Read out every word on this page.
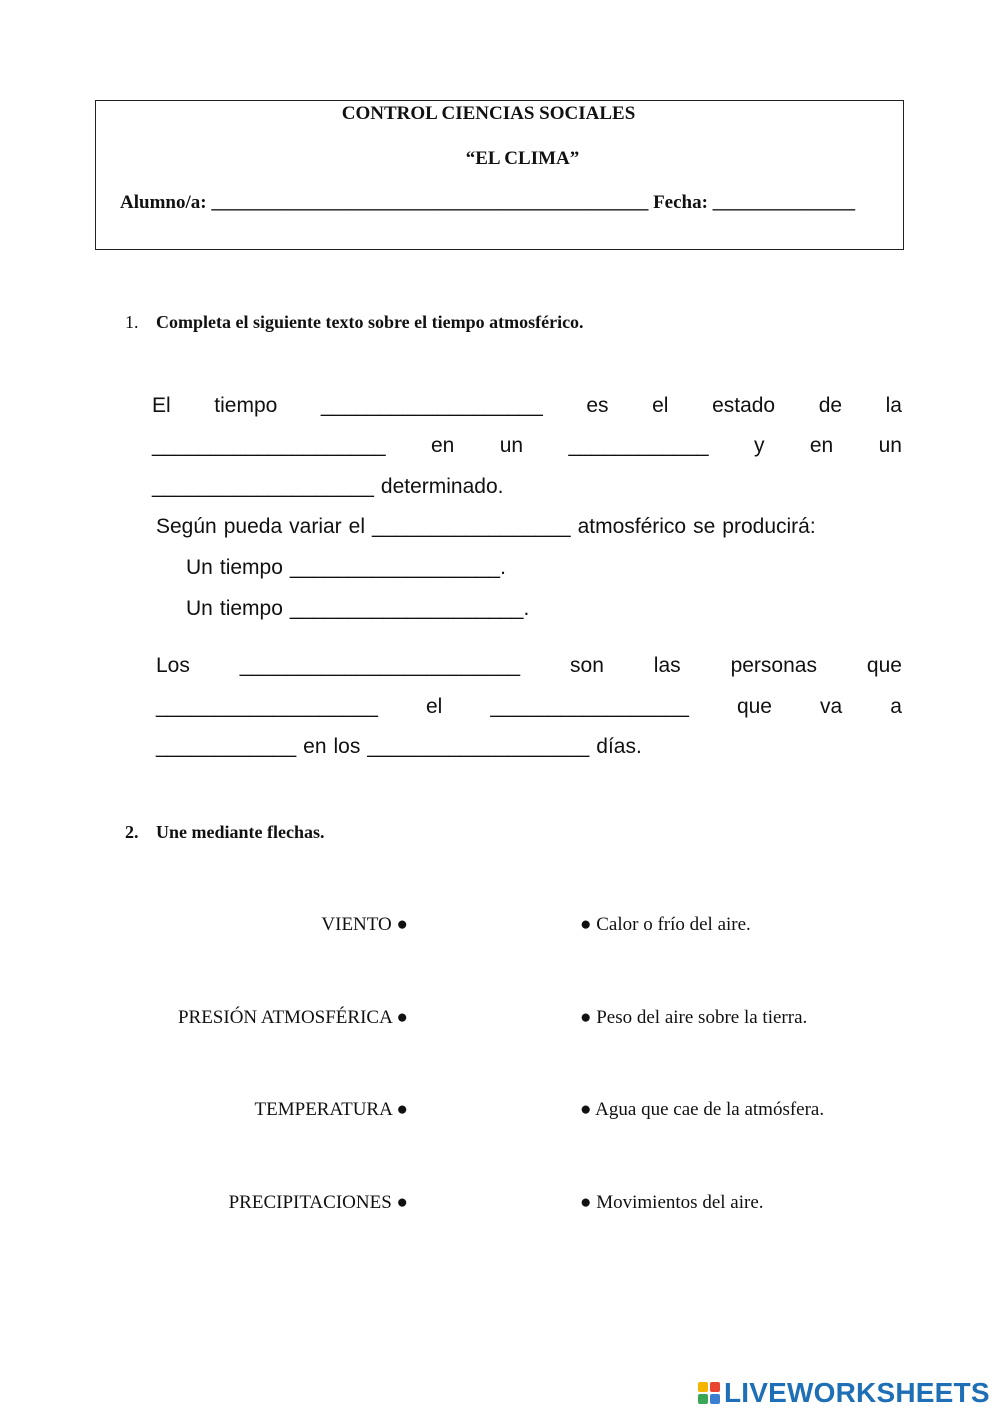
CONTROL CIENCIAS SOCIALES
“EL CLIMA”
Alumno/a: ______________________________________________ Fecha: _______________
1. Completa el siguiente texto sobre el tiempo atmosférico.
El tiempo ___________________ es el estado de la
____________________ en un ____________ y en un
___________________ determinado.
Según pueda variar el _________________ atmosférico se producirá:
Un tiempo __________________.
Un tiempo ____________________.
Los ________________________ son las personas que
___________________ el _________________ que va a
____________ en los ___________________ días.
2. Une mediante flechas.
VIENTO ●
PRESIÓN ATMOSFÉRICA ●
TEMPERATURA ●
PRECIPITACIONES ●
● Calor o frío del aire.
● Peso del aire sobre la tierra.
● Agua que cae de la atmósfera.
● Movimientos del aire.
LIVEWORKSHEETS
